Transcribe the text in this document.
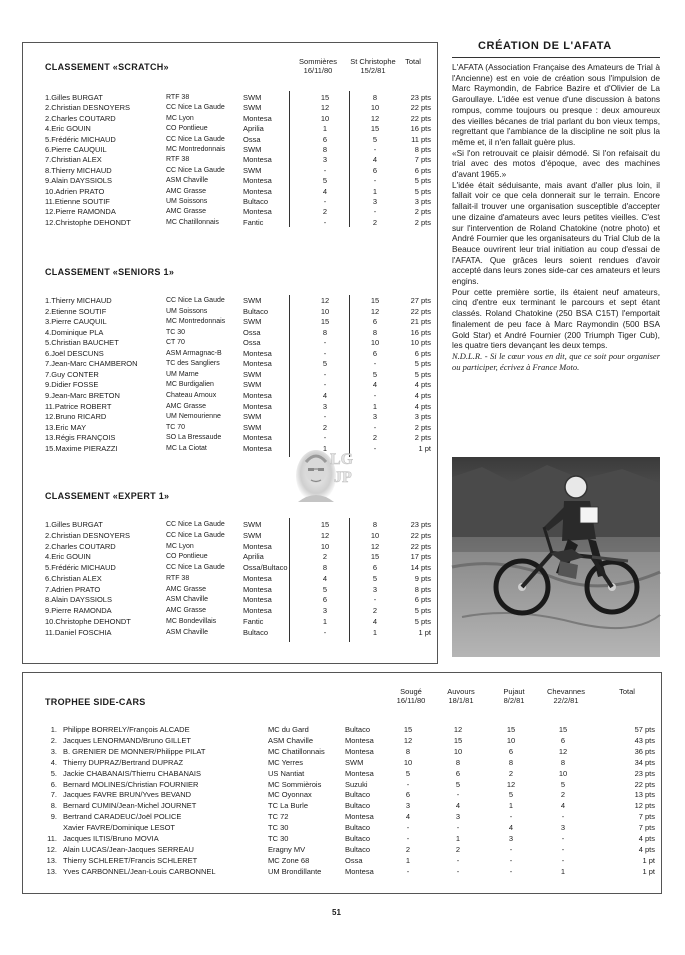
Sommières
16/11/80
St Christophe
15/2/81
Total
CLASSEMENT «SCRATCH»
1.Gilles BURGAT	RTF 38	SWM	15	8	23 pts
2.Christian DESNOYERS	CC Nice La Gaude	SWM	12	10	22 pts
2.Charles COUTARD	MC Lyon	Montesa	10	12	22 pts
4.Eric GOUIN	CO Pontlieue	Aprilia	1	15	16 pts
5.Frédéric MICHAUD	CC Nice La Gaude	Ossa	6	5	11 pts
6.Pierre CAUQUIL	MC Montredonnais	SWM	8	-	8 pts
7.Christian ALEX	RTF 38	Montesa	3	4	7 pts
8.Thierry MICHAUD	CC Nice La Gaude	SWM	-	6	6 pts
9.Alain DAYSSIOLS	ASM Chaville	Montesa	5	-	5 pts
10.Adrien PRATO	AMC Grasse	Montesa	4	1	5 pts
11.Etienne SOUTIF	UM Soissons	Bultaco	-	3	3 pts
12.Pierre RAMONDA	AMC Grasse	Montesa	2	-	2 pts
12.Christophe DEHONDT	MC Chatillonnais	Fantic	-	2	2 pts
CLASSEMENT «SENIORS 1»
1.Thierry MICHAUD	CC Nice La Gaude	SWM	12	15	27 pts
2.Etienne SOUTIF	UM Soissons	Bultaco	10	12	22 pts
3.Pierre CAUQUIL	MC Montredonnais	SWM	15	6	21 pts
4.Dominique PLA	TC 30	Ossa	8	8	16 pts
5.Christian BAUCHET	CT 70	Ossa	-	10	10 pts
6.Joël DESCUNS	ASM Armagnac-B	Montesa	-	6	6 pts
7.Jean-Marc CHAMBERON	TC des Sangliers	Montesa	5	-	5 pts
7.Guy CONTER	UM Marne	SWM	-	5	5 pts
9.Didier FOSSE	MC Burdigalien	SWM	-	4	4 pts
9.Jean-Marc BRETON	Chateau Arnoux	Montesa	4	-	4 pts
11.Patrice ROBERT	AMC Grasse	Montesa	3	1	4 pts
12.Bruno RICARD	UM Nemourienne	SWM	-	3	3 pts
13.Eric MAY	TC 70	SWM	2	-	2 pts
13.Régis FRANÇOIS	SO La Bressaude	Montesa	-	2	2 pts
15.Maxime PIERAZZI	MC La Ciotat	Montesa	1	-	1 pt
CLASSEMENT «EXPERT 1»
1.Gilles BURGAT	CC Nice La Gaude	SWM	15	8	23 pts
2.Christian DESNOYERS	CC Nice La Gaude	SWM	12	10	22 pts
2.Charles COUTARD	MC Lyon	Montesa	10	12	22 pts
4.Eric GOUIN	CO Pontlieue	Aprilia	2	15	17 pts
5.Frédéric MICHAUD	CC Nice La Gaude	Ossa/Bultaco	8	6	14 pts
6.Christian ALEX	RTF 38	Montesa	4	5	9 pts
7.Adrien PRATO	AMC Grasse	Montesa	5	3	8 pts
8.Alain DAYSSIOLS	ASM Chaville	Montesa	6	-	6 pts
9.Pierre RAMONDA	AMC Grasse	Montesa	3	2	5 pts
10.Christophe DEHONDT	MC Bondevillais	Fantic	1	4	5 pts
11.Daniel FOSCHIA	ASM Chaville	Bultaco	-	1	1 pt
LG
JP
CRÉATION DE L'AFATA

L'AFATA (Association Française des Amateurs de Trial à l'Ancienne) est en voie de création sous l'impulsion de Marc Raymondin, de Fabrice Bazire et d'Olivier de La Garoullaye. L'idée est venue d'une discussion à batons rompus, comme toujours ou presque : deux amoureux des vieilles bécanes de trial parlant du bon vieux temps, regrettant que l'ambiance de la discipline ne soit plus la même et, il n'en fallait guère plus.

«Si l'on retrouvait ce plaisir démodé. Si l'on refaisait du trial avec des motos d'époque, avec des machines d'avant 1965.»

L'idée était séduisante, mais avant d'aller plus loin, il fallait voir ce que cela donnerait sur le terrain. Encore fallait-il trouver une organisation susceptible d'accepter une dizaine d'amateurs avec leurs petites vieilles. C'est sur l'intervention de Roland Chatokine (notre photo) et André Fournier que les organisateurs du Trial Club de la Beauce ouvrirent leur trial initiation au coup d'essai de l'AFATA. Que grâces leurs soient rendues d'avoir accepté dans leurs zones side-car ces amateurs et leurs engins.

Pour cette première sortie, ils étaient neuf amateurs, cinq d'entre eux terminant le parcours et sept étant classés. Roland Chatokine (250 BSA C15T) l'emportait finalement de peu face à Marc Raymondin (500 BSA Gold Star) et André Fournier (200 Triumph Tiger Cub), les quatre tiers devançant les deux temps.

N.D.L.R. - Si le cœur vous en dit, que ce soit pour organiser ou participer, écrivez à France Moto.

TROPHEE SIDE-CARS
Sougé
16/11/80
Auvours
18/1/81
Pujaut
8/2/81
Chevannes
22/2/81
Total
1. Philippe BORRELY/François ALCADE	MC du Gard	Bultaco	15	12	15	15	57 pts
2. Jacques LENORMAND/Bruno GILLET	ASM Chaville	Montesa	12	15	10	6	43 pts
3. B. GRENIER DE MONNER/Philippe PILAT	MC Chatillonnais	Montesa	8	10	6	12	36 pts
4. Thierry DUPRAZ/Bertrand DUPRAZ	MC Yerres	SWM	10	8	8	8	34 pts
5. Jackie CHABANAIS/Thierru CHABANAIS	US Nantiat	Montesa	5	6	2	10	23 pts
6. Bernard MOLINES/Christian FOURNIER	MC Sommièrois	Suzuki	-	5	12	5	22 pts
7. Jacques FAVRE BRUN/Yves BEVAND	MC Oyonnax	Bultaco	6	-	5	2	13 pts
8. Bernard CUMIN/Jean-Michel JOURNET	TC La Burle	Bultaco	3	4	1	4	12 pts
9. Bertrand CARADEUC/Joël POLICE	TC 72	Montesa	4	3	-	-	7 pts
Xavier FAVRE/Dominique LESOT	TC 30	Bultaco	-	-	4	3	7 pts
11. Jacques ILTIS/Bruno MOVIA	TC 30	Bultaco	-	1	3	-	4 pts
12. Alain LUCAS/Jean-Jacques SERREAU	Eragny MV	Bultaco	2	2	-	-	4 pts
13. Thierry SCHLERET/Francis SCHLERET	MC Zone 68	Ossa	1	-	-	-	1 pt
13. Yves CARBONNEL/Jean-Louis CARBONNEL	UM Brondillante	Montesa	-	-	-	1	1 pt
51
